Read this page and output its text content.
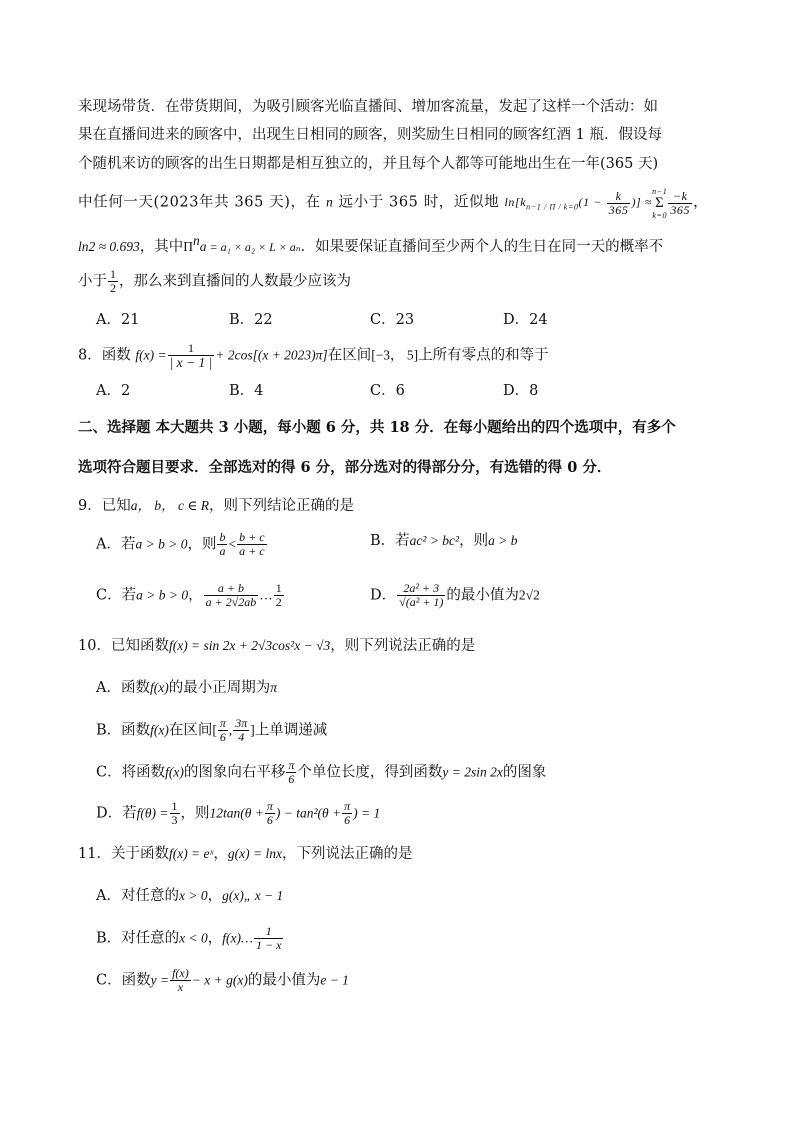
来现场带货．在带货期间，为吸引顾客光临直播间、增加客流量，发起了这样一个活动：如
果在直播间进来的顾客中，出现生日相同的顾客，则奖励生日相同的顾客红酒 1 瓶．假设每
个随机来访的顾客的出生日期都是相互独立的，并且每个人都等可能地出生在一年(365 天)
中任何一天(2023年共 365 天)，在 n 远小于 365 时，近似地 $\ln[k_{n-1 / \Pi / k=0}(1 - \frac{k}{365}$ )] ≈
n−1
Σ
$k=0 \frac{-k}{365}$ ，
ln2 ≈ 0.693，其中$\Pi^na = a_1 \times a_2 \times L \times a_n$．如果要保证直播间至少两个人的生日在同一天的概率不
小于 $\frac{1}{2}$ ，那么来到直播间的人数最少应该为
A．21	B．22	C．23	D．24
8．函数 $f(x) = \frac{1}{| x - 1 |} + 2\cos[(x + 2023)\pi]$在区间[−3， 5]上所有零点的和等于
A．2	B．4	C．6	D．8
二、选择题 本大题共 3 小题，每小题 6 分，共 18 分．在每小题给出的四个选项中，有多个
选项符合题目要求．全部选对的得 6 分，部分选对的得部分分，有选错的得 0 分．
9．已知a， b， c ∈ R，则下列结论正确的是
A．若a > b > 0，则 $\frac{b}{a} < \frac{b + c}{a + c}$	B．若ac² > bc²，则a > b
C．若a > b > 0， $\frac{a + b}{a + 2√2ab}$ … $\frac{1}{2}$	D． $\frac{\text{2a² + 3}}{\text{√(a² + 1)}}$ 的最小值为2√2
10．已知函数f(x) = sin 2x + 2√3cos²x − √3，则下列说法正确的是
A．函数f(x)的最小正周期为π
B．函数f(x)在区间[ $\frac{\pi}{6}$ , $\frac{3\pi}{4}$ ]上单调递减
C．将函数f(x)的图象向右平移 $\frac{\pi}{6}$ 个单位长度，得到函数y = 2sin 2x的图象
D．若$f(\theta) = \frac{1}{3}$ ，则$12\tan(\theta + \frac{\pi}{6}$ ) − $\tan^2(\theta + \frac{\pi}{6}$ ) = 1
11．关于函数f(x) = eˣ，g(x) = lnx，下列说法正确的是
A．对任意的x > 0，g(x)„ x − 1
B．对任意的x < 0，f(x)… $\frac{1}{1 - x}$
C．函数$y = \frac{f(x)}{x} - x + g(x)$的最小值为e − 1
